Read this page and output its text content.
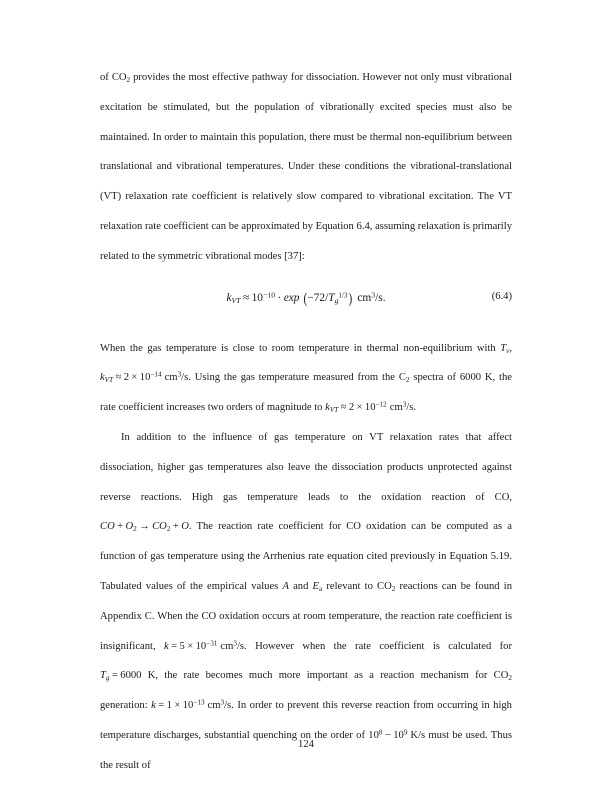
of $CO_2$ provides the most effective pathway for dissociation. However not only must vibrational excitation be stimulated, but the population of vibrationally excited species must also be maintained. In order to maintain this population, there must be thermal non-equilibrium between translational and vibrational temperatures. Under these conditions the vibrational-translational (VT) relaxation rate coefficient is relatively slow compared to vibrational excitation. The VT relaxation rate coefficient can be approximated by Equation 6.4, assuming relaxation is primarily related to the symmetric vibrational modes [37]:

$k_{VT} \approx 10^{-10} \cdot \exp (-72/T_g^{1/3})$ $cm^3/s$.	(6.4)

When the gas temperature is close to room temperature in thermal non-equilibrium with $T_v$, $k_{VT} \approx 2 \times 10^{-14}$ $cm^3/s$. Using the gas temperature measured from the $C_2$ spectra of 6000 K, the rate coefficient increases two orders of magnitude to $k_{VT} \approx 2 \times 10^{-12}$ $cm^3/s$.

In addition to the influence of gas temperature on VT relaxation rates that affect dissociation, higher gas temperatures also leave the dissociation products unprotected against reverse reactions. High gas temperature leads to the oxidation reaction of CO, CO + $O_2 \to CO_2 + O$. The reaction rate coefficient for CO oxidation can be computed as a function of gas temperature using the Arrhenius rate equation cited previously in Equation 5.19. Tabulated values of the empirical values A and $E_a$ relevant to $CO_2$ reactions can be found in Appendix C. When the CO oxidation occurs at room temperature, the reaction rate coefficient is insignificant, $k = 5 \times 10^{-31}$ $cm^3/s$. However when the rate coefficient is calculated for $T_g = 6000$ K, the rate becomes much more important as a reaction mechanism for $CO_2$ generation: $k = 1 \times 10^{-13}$ $cm^3/s$. In order to prevent this reverse reaction from occurring in high temperature discharges, substantial quenching on the order of $10^8 - 10^9$ K/s must be used. Thus the result of

124
